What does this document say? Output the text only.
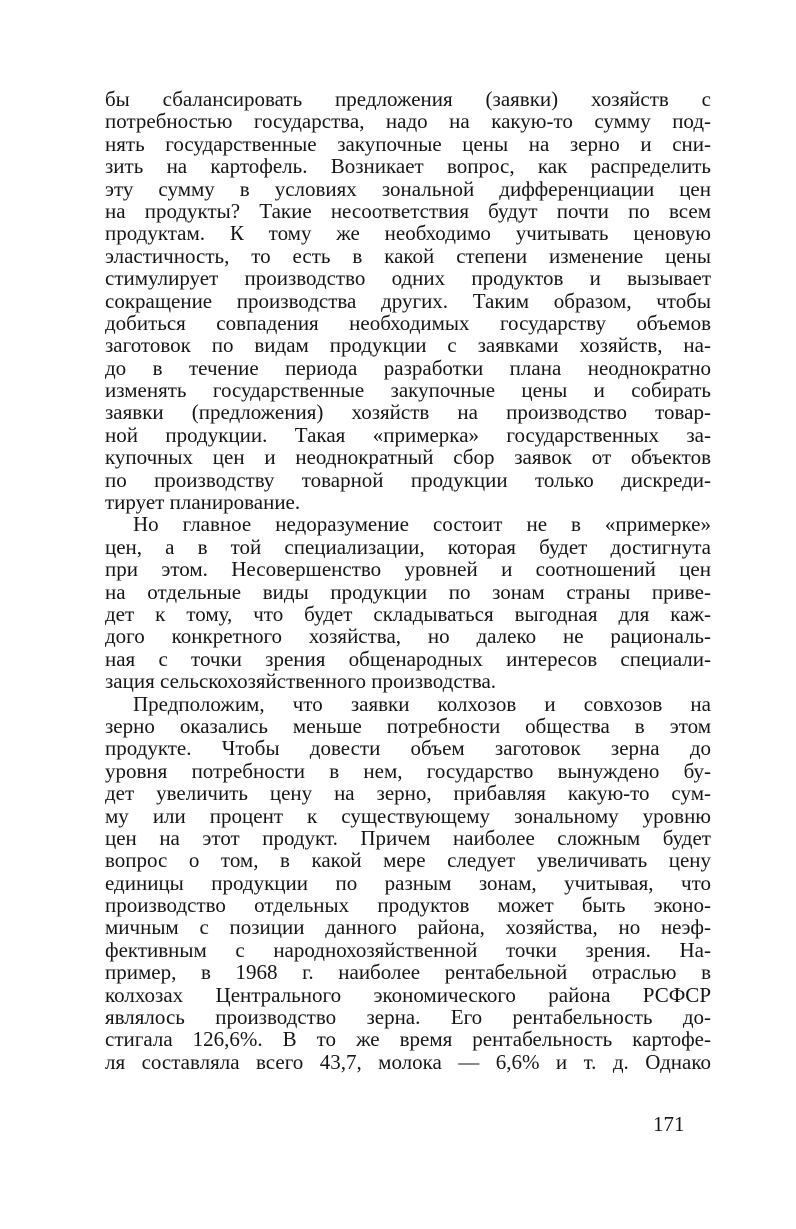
бы сбалансировать предложения (заявки) хозяйств с
потребностью государства, надо на какую-то сумму под-
нять государственные закупочные цены на зерно и сни-
зить на картофель. Возникает вопрос, как распределить
эту сумму в условиях зональной дифференциации цен
на продукты? Такие несоответствия будут почти по всем
продуктам. К тому же необходимо учитывать ценовую
эластичность, то есть в какой степени изменение цены
стимулирует производство одних продуктов и вызывает
сокращение производства других. Таким образом, чтобы
добиться совпадения необходимых государству объемов
заготовок по видам продукции с заявками хозяйств, на-
до в течение периода разработки плана неоднократно
изменять государственные закупочные цены и собирать
заявки (предложения) хозяйств на производство товар-
ной продукции. Такая «примерка» государственных за-
купочных цен и неоднократный сбор заявок от объектов
по производству товарной продукции только дискреди-
тирует планирование.
Но главное недоразумение состоит не в «примерке»
цен, а в той специализации, которая будет достигнута
при этом. Несовершенство уровней и соотношений цен
на отдельные виды продукции по зонам страны приве-
дет к тому, что будет складываться выгодная для каж-
дого конкретного хозяйства, но далеко не рациональ-
ная с точки зрения общенародных интересов специали-
зация сельскохозяйственного производства.
Предположим, что заявки колхозов и совхозов на
зерно оказались меньше потребности общества в этом
продукте. Чтобы довести объем заготовок зерна до
уровня потребности в нем, государство вынуждено бу-
дет увеличить цену на зерно, прибавляя какую-то сум-
му или процент к существующему зональному уровню
цен на этот продукт. Причем наиболее сложным будет
вопрос о том, в какой мере следует увеличивать цену
единицы продукции по разным зонам, учитывая, что
производство отдельных продуктов может быть эконо-
мичным с позиции данного района, хозяйства, но неэф-
фективным с народнохозяйственной точки зрения. На-
пример, в 1968 г. наиболее рентабельной отраслью в
колхозах Центрального экономического района РСФСР
являлось производство зерна. Его рентабельность до-
стигала 126,6%. В то же время рентабельность картофе-
ля составляла всего 43,7, молока — 6,6% и т. д. Однако
171
